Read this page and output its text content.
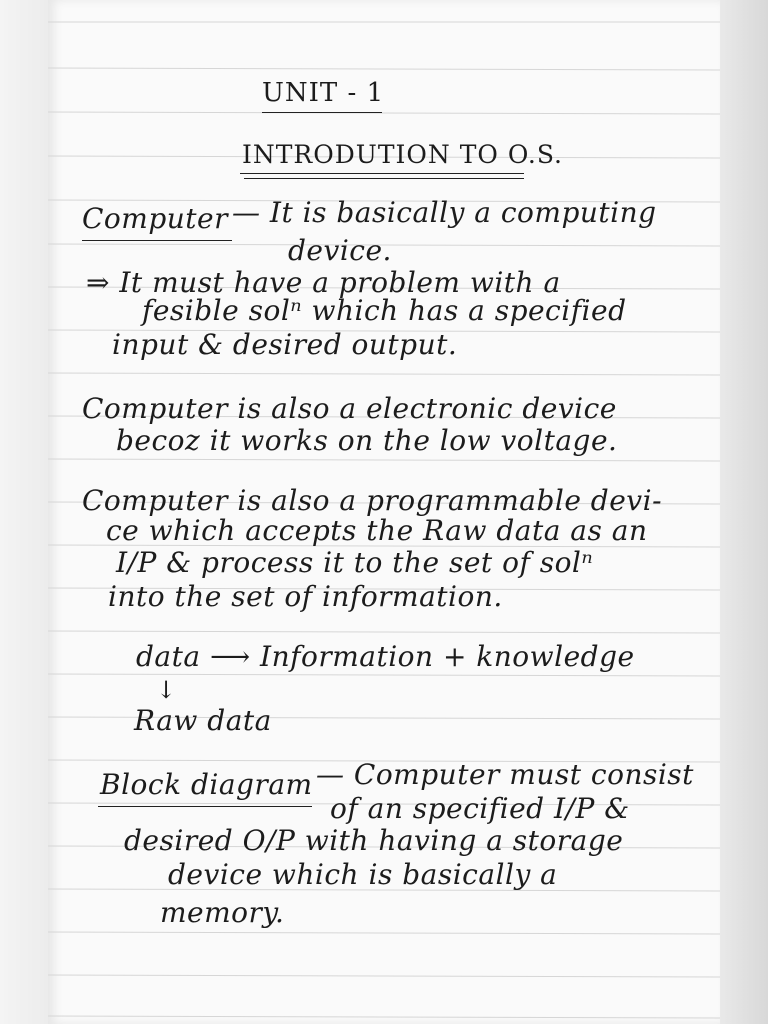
UNIT - 1
INTRODUTION TO O.S.
Computer — It is basically a computing
device.
⇒ It must have a problem with a
fesible solⁿ which has a specified
input & desired output.
Computer is also a electronic device
becoz it works on the low voltage.
Computer is also a programmable devi-
ce which accepts the Raw data as an
I/P & process it to the set of solⁿ
into the set of information.
data ⟶ Information + knowledge
↓
Raw data
Block diagram — Computer must consist
of an specified I/P &
desired O/P with having a storage
device which is basically a
memory.
